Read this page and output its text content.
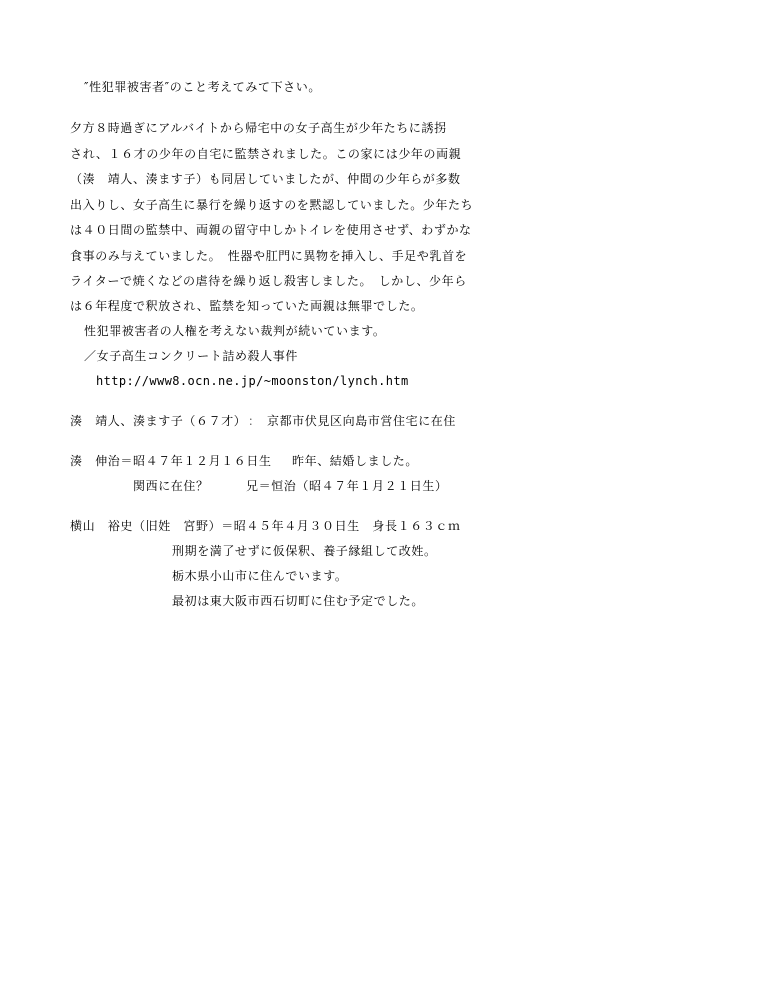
″性犯罪被害者″のこと考えてみて下さい。
夕方８時過ぎにアルバイトから帰宅中の女子高生が少年たちに誘拐
され、１６才の少年の自宅に監禁されました。この家には少年の両親
（湊　靖人、湊ます子）も同居していましたが、仲間の少年らが多数
出入りし、女子高生に暴行を繰り返すのを黙認していました。少年たち
は４０日間の監禁中、両親の留守中しかトイレを使用させず、わずかな
食事のみ与えていました。　性器や肛門に異物を挿入し、手足や乳首を
ライターで焼くなどの虐待を繰り返し殺害しました。　しかし、少年ら
は６年程度で釈放され、監禁を知っていた両親は無罪でした。
性犯罪被害者の人権を考えない裁判が続いています。
／女子高生コンクリート詰め殺人事件
http://www8.ocn.ne.jp/~moonston/lynch.htm
湊　靖人、湊ます子（６７才） ： 京都市伏見区向島市営住宅に在住
湊　伸治＝昭４７年１２月１６日生 昨年、結婚しました。
関西に在住？	兄＝恒治（昭４７年１月２１日生）
横山　裕史（旧姓　宮野）＝昭４５年４月３０日生　身長１６３ｃｍ
刑期を満了せずに仮保釈、養子縁組して改姓。
栃木県小山市に住んでいます。
最初は東大阪市西石切町に住む予定でした。
